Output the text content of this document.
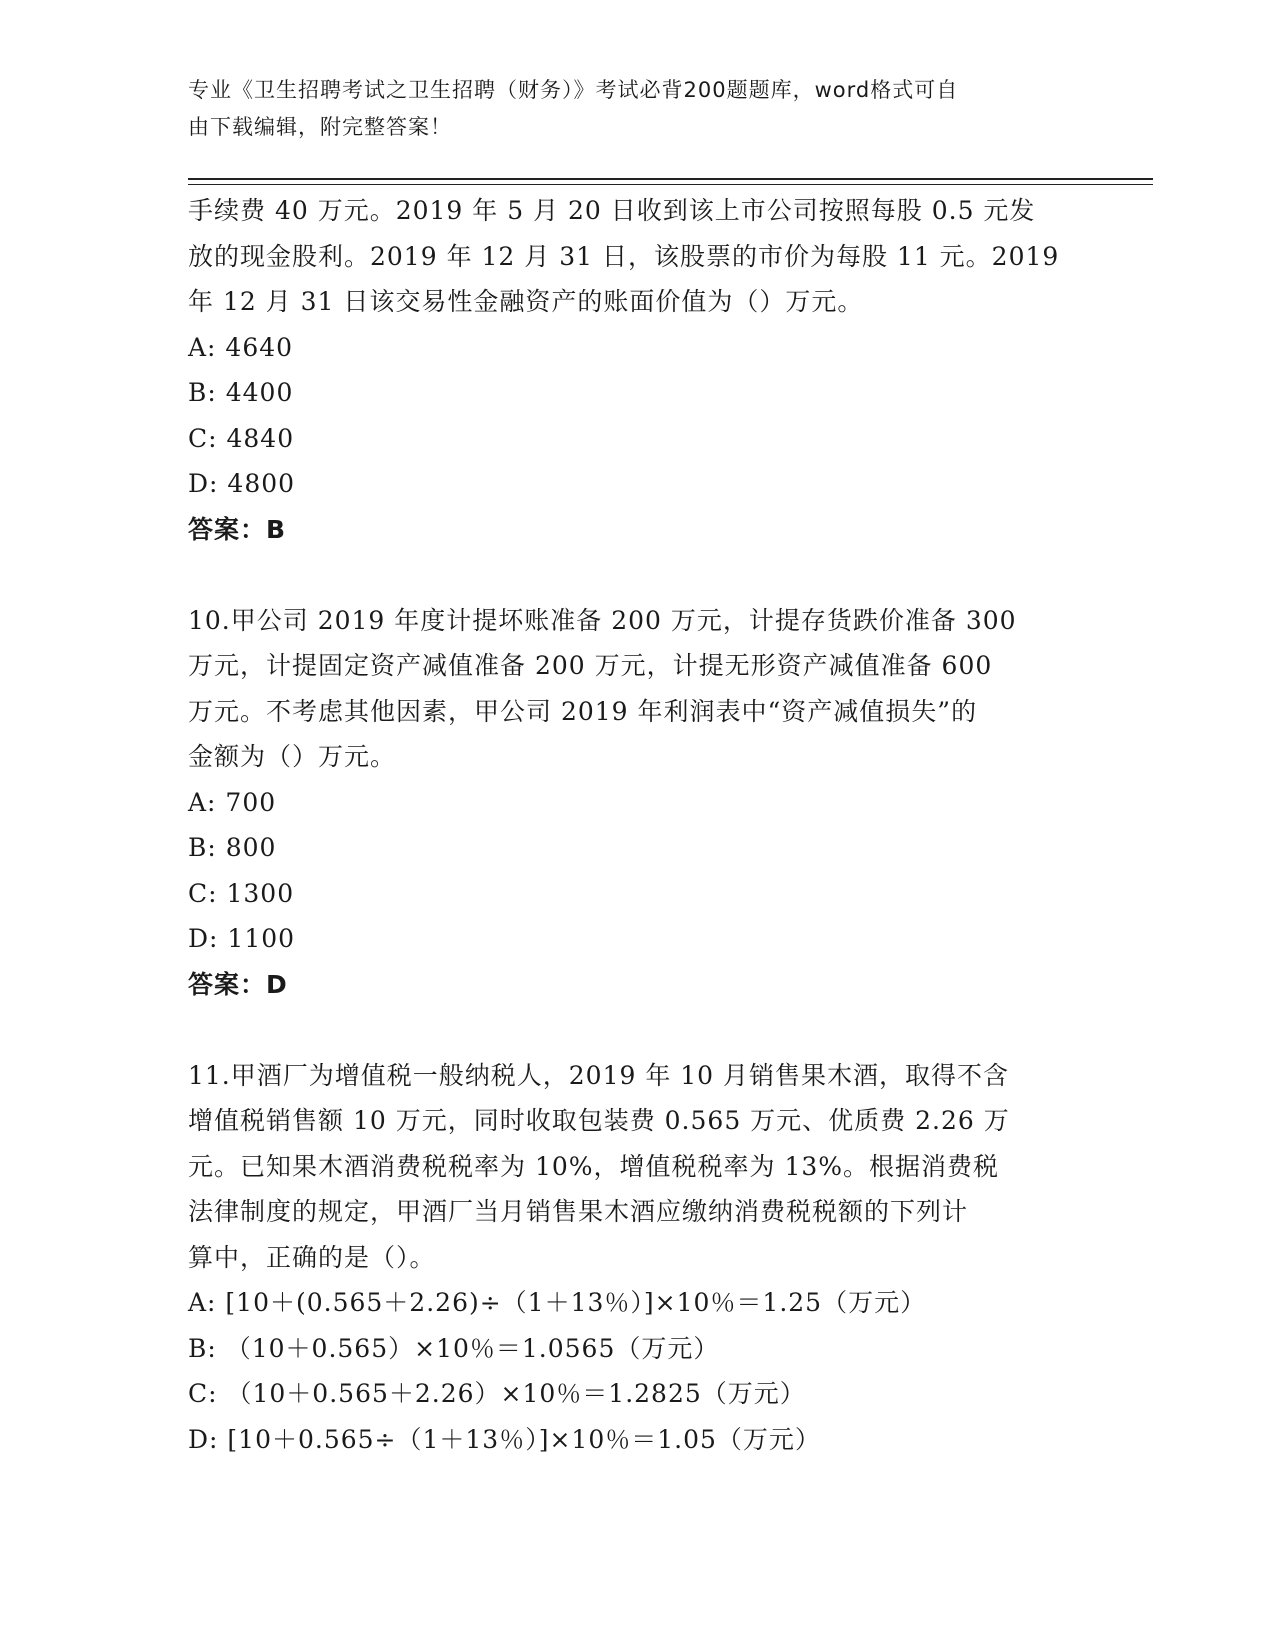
专业《卫生招聘考试之卫生招聘（财务）》考试必背200题题库，word格式可自
由下载编辑，附完整答案！
手续费 40 万元。2019 年 5 月 20 日收到该上市公司按照每股 0.5 元发
放的现金股利。2019 年 12 月 31 日，该股票的市价为每股 11 元。2019
年 12 月 31 日该交易性金融资产的账面价值为（）万元。
A: 4640
B: 4400
C: 4840
D: 4800
答案：B
10.甲公司 2019 年度计提坏账准备 200 万元，计提存货跌价准备 300
万元，计提固定资产减值准备 200 万元，计提无形资产减值准备 600
万元。不考虑其他因素，甲公司 2019 年利润表中“资产减值损失”的
金额为（）万元。
A: 700
B: 800
C: 1300
D: 1100
答案：D
11.甲酒厂为增值税一般纳税人，2019 年 10 月销售果木酒，取得不含
增值税销售额 10 万元，同时收取包装费 0.565 万元、优质费 2.26 万
元。已知果木酒消费税税率为 10%，增值税税率为 13%。根据消费税
法律制度的规定，甲酒厂当月销售果木酒应缴纳消费税税额的下列计
算中，正确的是（）。
A: [10＋(0.565＋2.26)÷（1＋13％）]×10％＝1.25（万元）
B: （10＋0.565）×10％＝1.0565（万元）
C: （10＋0.565＋2.26）×10％＝1.2825（万元）
D: [10＋0.565÷（1＋13％）]×10％＝1.05（万元）
